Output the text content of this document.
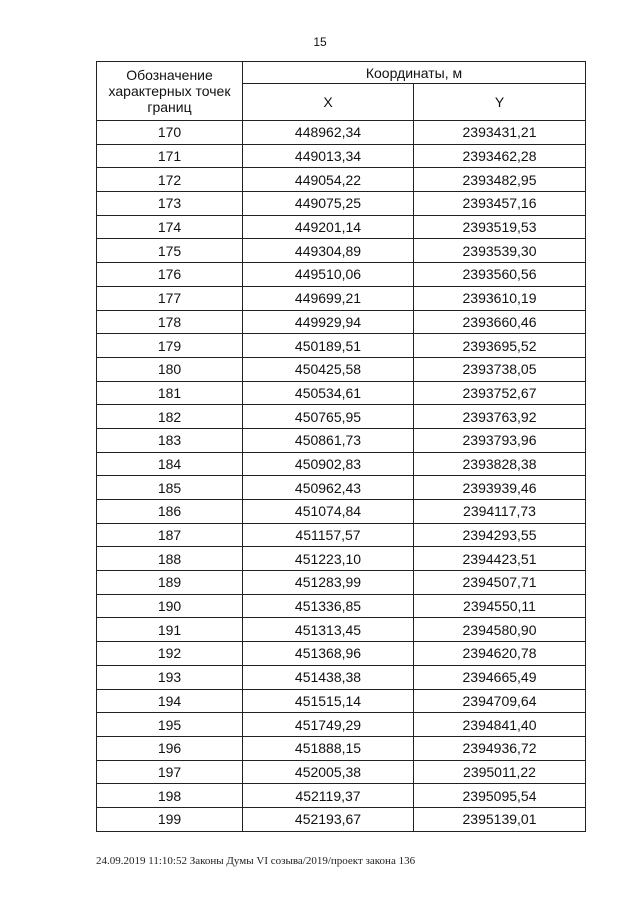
15
Обозначение характерных точек границ	Координаты, м	
	X	Y
170	448962,34	2393431,21
171	449013,34	2393462,28
172	449054,22	2393482,95
173	449075,25	2393457,16
174	449201,14	2393519,53
175	449304,89	2393539,30
176	449510,06	2393560,56
177	449699,21	2393610,19
178	449929,94	2393660,46
179	450189,51	2393695,52
180	450425,58	2393738,05
181	450534,61	2393752,67
182	450765,95	2393763,92
183	450861,73	2393793,96
184	450902,83	2393828,38
185	450962,43	2393939,46
186	451074,84	2394117,73
187	451157,57	2394293,55
188	451223,10	2394423,51
189	451283,99	2394507,71
190	451336,85	2394550,11
191	451313,45	2394580,90
192	451368,96	2394620,78
193	451438,38	2394665,49
194	451515,14	2394709,64
195	451749,29	2394841,40
196	451888,15	2394936,72
197	452005,38	2395011,22
198	452119,37	2395095,54
199	452193,67	2395139,01
24.09.2019 11:10:52 Законы Думы VI созыва/2019/проект закона 136
